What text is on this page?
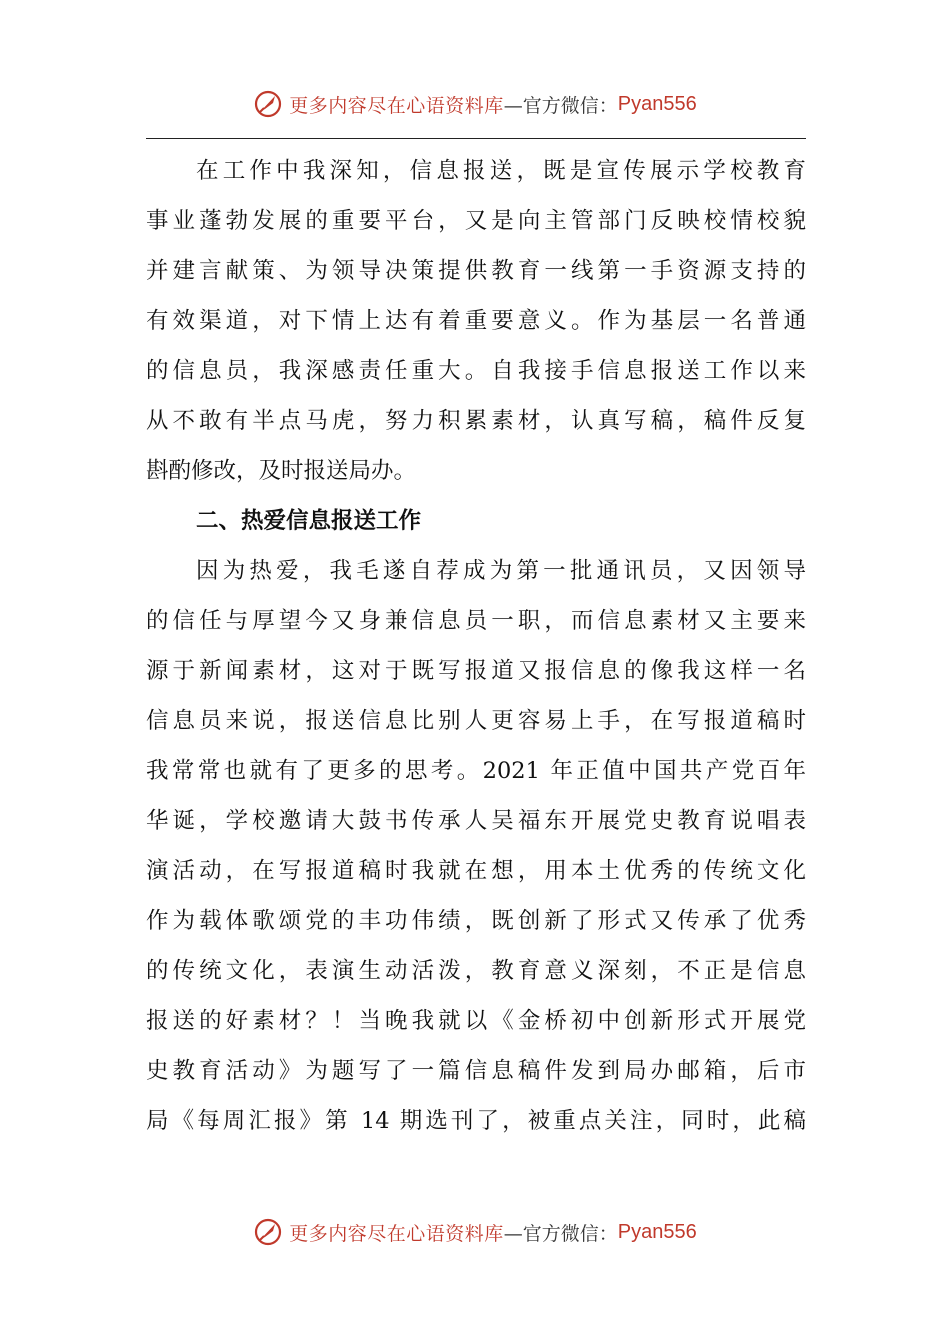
更多内容尽在心语资料库 —官方微信： Pyan556
在工作中我深知，信息报送，既是宣传展示学校教育
事业蓬勃发展的重要平台，又是向主管部门反映校情校貌
并建言献策、为领导决策提供教育一线第一手资源支持的
有效渠道，对下情上达有着重要意义。作为基层一名普通
的信息员，我深感责任重大。自我接手信息报送工作以来
从不敢有半点马虎，努力积累素材，认真写稿，稿件反复
斟酌修改，及时报送局办。
二、热爱信息报送工作
因为热爱，我毛遂自荐成为第一批通讯员，又因领导
的信任与厚望今又身兼信息员一职，而信息素材又主要来
源于新闻素材，这对于既写报道又报信息的像我这样一名
信息员来说，报送信息比别人更容易上手，在写报道稿时
我常常也就有了更多的思考。2021 年正值中国共产党百年
华诞，学校邀请大鼓书传承人吴福东开展党史教育说唱表
演活动，在写报道稿时我就在想，用本土优秀的传统文化
作为载体歌颂党的丰功伟绩，既创新了形式又传承了优秀
的传统文化，表演生动活泼，教育意义深刻，不正是信息
报送的好素材？！当晚我就以《金桥初中创新形式开展党
史教育活动》为题写了一篇信息稿件发到局办邮箱，后市
局《每周汇报》第 14 期选刊了，被重点关注，同时，此稿
更多内容尽在心语资料库 —官方微信： Pyan556
